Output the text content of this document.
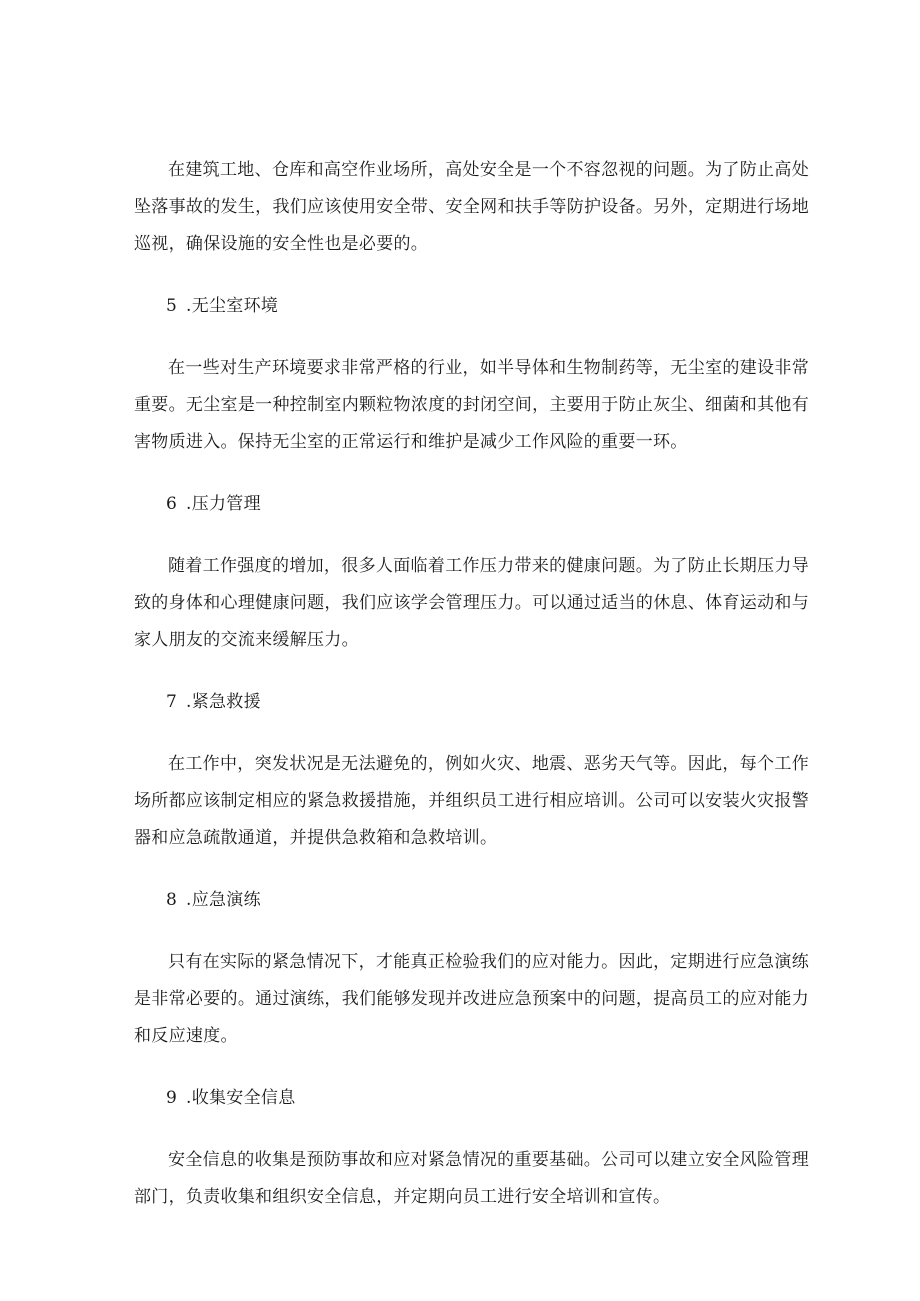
在建筑工地、仓库和高空作业场所，高处安全是一个不容忽视的问题。为了防止高处坠落事故的发生，我们应该使用安全带、安全网和扶手等防护设备。另外，定期进行场地巡视，确保设施的安全性也是必要的。

5 .无尘室环境

在一些对生产环境要求非常严格的行业，如半导体和生物制药等，无尘室的建设非常重要。无尘室是一种控制室内颗粒物浓度的封闭空间，主要用于防止灰尘、细菌和其他有害物质进入。保持无尘室的正常运行和维护是减少工作风险的重要一环。

6 .压力管理

随着工作强度的增加，很多人面临着工作压力带来的健康问题。为了防止长期压力导致的身体和心理健康问题，我们应该学会管理压力。可以通过适当的休息、体育运动和与家人朋友的交流来缓解压力。

7 .紧急救援

在工作中，突发状况是无法避免的，例如火灾、地震、恶劣天气等。因此，每个工作场所都应该制定相应的紧急救援措施，并组织员工进行相应培训。公司可以安装火灾报警器和应急疏散通道，并提供急救箱和急救培训。

8 .应急演练

只有在实际的紧急情况下，才能真正检验我们的应对能力。因此，定期进行应急演练是非常必要的。通过演练，我们能够发现并改进应急预案中的问题，提高员工的应对能力和反应速度。

9 .收集安全信息

安全信息的收集是预防事故和应对紧急情况的重要基础。公司可以建立安全风险管理部门，负责收集和组织安全信息，并定期向员工进行安全培训和宣传。
